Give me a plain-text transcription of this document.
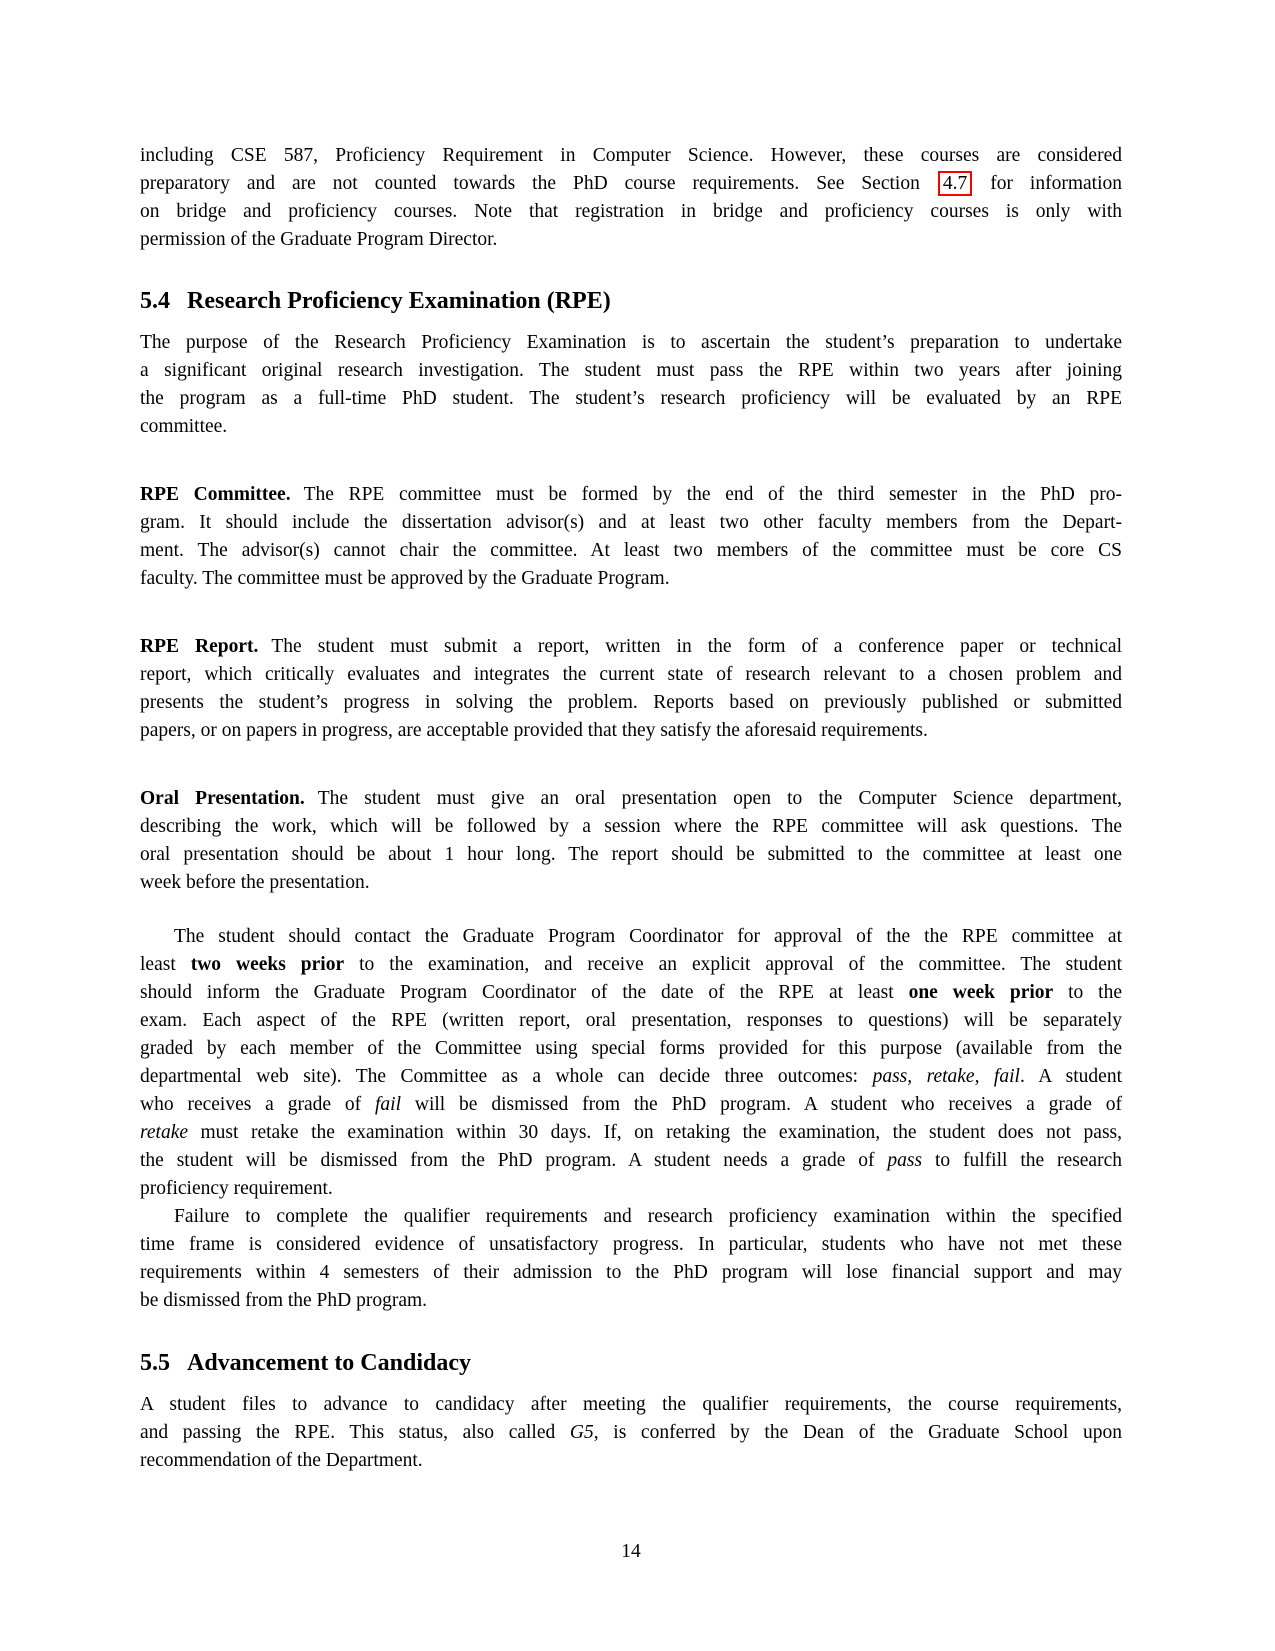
including CSE 587, Proficiency Requirement in Computer Science. However, these courses are considered
preparatory and are not counted towards the PhD course requirements. See Section 4.7 for information
on bridge and proficiency courses. Note that registration in bridge and proficiency courses is only with
permission of the Graduate Program Director.
5.4 Research Proficiency Examination (RPE)
The purpose of the Research Proficiency Examination is to ascertain the student’s preparation to undertake
a significant original research investigation. The student must pass the RPE within two years after joining
the program as a full-time PhD student. The student’s research proficiency will be evaluated by an RPE
committee.
RPE Committee. The RPE committee must be formed by the end of the third semester in the PhD pro-
gram. It should include the dissertation advisor(s) and at least two other faculty members from the Depart-
ment. The advisor(s) cannot chair the committee. At least two members of the committee must be core CS
faculty. The committee must be approved by the Graduate Program.
RPE Report. The student must submit a report, written in the form of a conference paper or technical
report, which critically evaluates and integrates the current state of research relevant to a chosen problem and
presents the student’s progress in solving the problem. Reports based on previously published or submitted
papers, or on papers in progress, are acceptable provided that they satisfy the aforesaid requirements.
Oral Presentation. The student must give an oral presentation open to the Computer Science department,
describing the work, which will be followed by a session where the RPE committee will ask questions. The
oral presentation should be about 1 hour long. The report should be submitted to the committee at least one
week before the presentation.
The student should contact the Graduate Program Coordinator for approval of the the RPE committee at
least two weeks prior to the examination, and receive an explicit approval of the committee. The student
should inform the Graduate Program Coordinator of the date of the RPE at least one week prior to the
exam. Each aspect of the RPE (written report, oral presentation, responses to questions) will be separately
graded by each member of the Committee using special forms provided for this purpose (available from the
departmental web site). The Committee as a whole can decide three outcomes: pass, retake, fail. A student
who receives a grade of fail will be dismissed from the PhD program. A student who receives a grade of
retake must retake the examination within 30 days. If, on retaking the examination, the student does not pass,
the student will be dismissed from the PhD program. A student needs a grade of pass to fulfill the research
proficiency requirement.
Failure to complete the qualifier requirements and research proficiency examination within the specified
time frame is considered evidence of unsatisfactory progress. In particular, students who have not met these
requirements within 4 semesters of their admission to the PhD program will lose financial support and may
be dismissed from the PhD program.
5.5 Advancement to Candidacy
A student files to advance to candidacy after meeting the qualifier requirements, the course requirements,
and passing the RPE. This status, also called G5, is conferred by the Dean of the Graduate School upon
recommendation of the Department.
14
